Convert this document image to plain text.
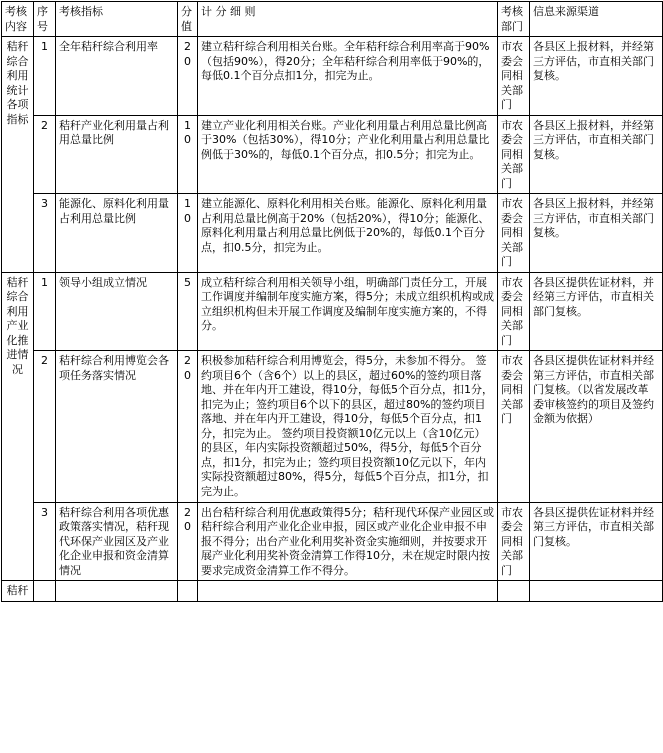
考核内容	序号	考核指标	分值	计 分 细 则	考核部门	信息来源渠道
秸秆综合利用统计各项指标	1	全年秸秆综合利用率	20	建立秸秆综合利用相关台账。全年秸秆综合利用率高于90%（包括90%），得20分；全年秸秆综合利用率低于90%的，每低0.1个百分点扣1分，扣完为止。	市农委会同相关部门	各县区上报材料，并经第三方评估，市直相关部门复核。
	2	秸秆产业化利用量占利用总量比例	10	建立产业化利用相关台账。产业化利用量占利用总量比例高于30%（包括30%），得10分；产业化利用量占利用总量比例低于30%的，每低0.1个百分点，扣0.5分；扣完为止。	市农委会同相关部门	各县区上报材料，并经第三方评估，市直相关部门复核。
	3	能源化、原料化利用量占利用总量比例	10	建立能源化、原料化利用相关台账。能源化、原料化利用量占利用总量比例高于20%（包括20%），得10分；能源化、原料化利用量占利用总量比例低于20%的，每低0.1个百分点，扣0.5分，扣完为止。	市农委会同相关部门	各县区上报材料，并经第三方评估，市直相关部门复核。
秸秆综合利用产业化推进情况	1	领导小组成立情况	5	成立秸秆综合利用相关领导小组，明确部门责任分工，开展工作调度并编制年度实施方案，得5分；未成立组织机构或成立组织机构但未开展工作调度及编制年度实施方案的，不得分。	市农委会同相关部门	各县区提供佐证材料，并经第三方评估，市直相关部门复核。
	2	秸秆综合利用博览会各项任务落实情况	20	积极参加秸秆综合利用博览会，得5分，未参加不得分。 签约项目6个（含6个）以上的县区，超过60%的签约项目落地、并在年内开工建设，得10分，每低5个百分点，扣1分，扣完为止；签约项目6个以下的县区，超过80%的签约项目落地、并在年内开工建设，得10分，每低5个百分点，扣1分，扣完为止。 签约项目投资额10亿元以上（含10亿元）的县区，年内实际投资额超过50%，得5分，每低5个百分点，扣1分，扣完为止；签约项目投资额10亿元以下，年内实际投资额超过80%，得5分，每低5个百分点，扣1分，扣完为止。	市农委会同相关部门	各县区提供佐证材料并经第三方评估，市直相关部门复核。（以省发展改革委审核签约的项目及签约金额为依据）
	3	秸秆综合利用各项优惠政策落实情况，秸秆现代环保产业园区及产业化企业申报和资金清算情况	20	出台秸秆综合利用优惠政策得5分；秸秆现代环保产业园区或秸秆综合利用产业化企业申报，园区或产业化企业申报不申报不得分；出台产业化利用奖补资金实施细则，并按要求开展产业化利用奖补资金清算工作得10分，未在规定时限内按要求完成资金清算工作不得分。	市农委会同相关部门	各县区提供佐证材料并经第三方评估，市直相关部门复核。
秸秆						
